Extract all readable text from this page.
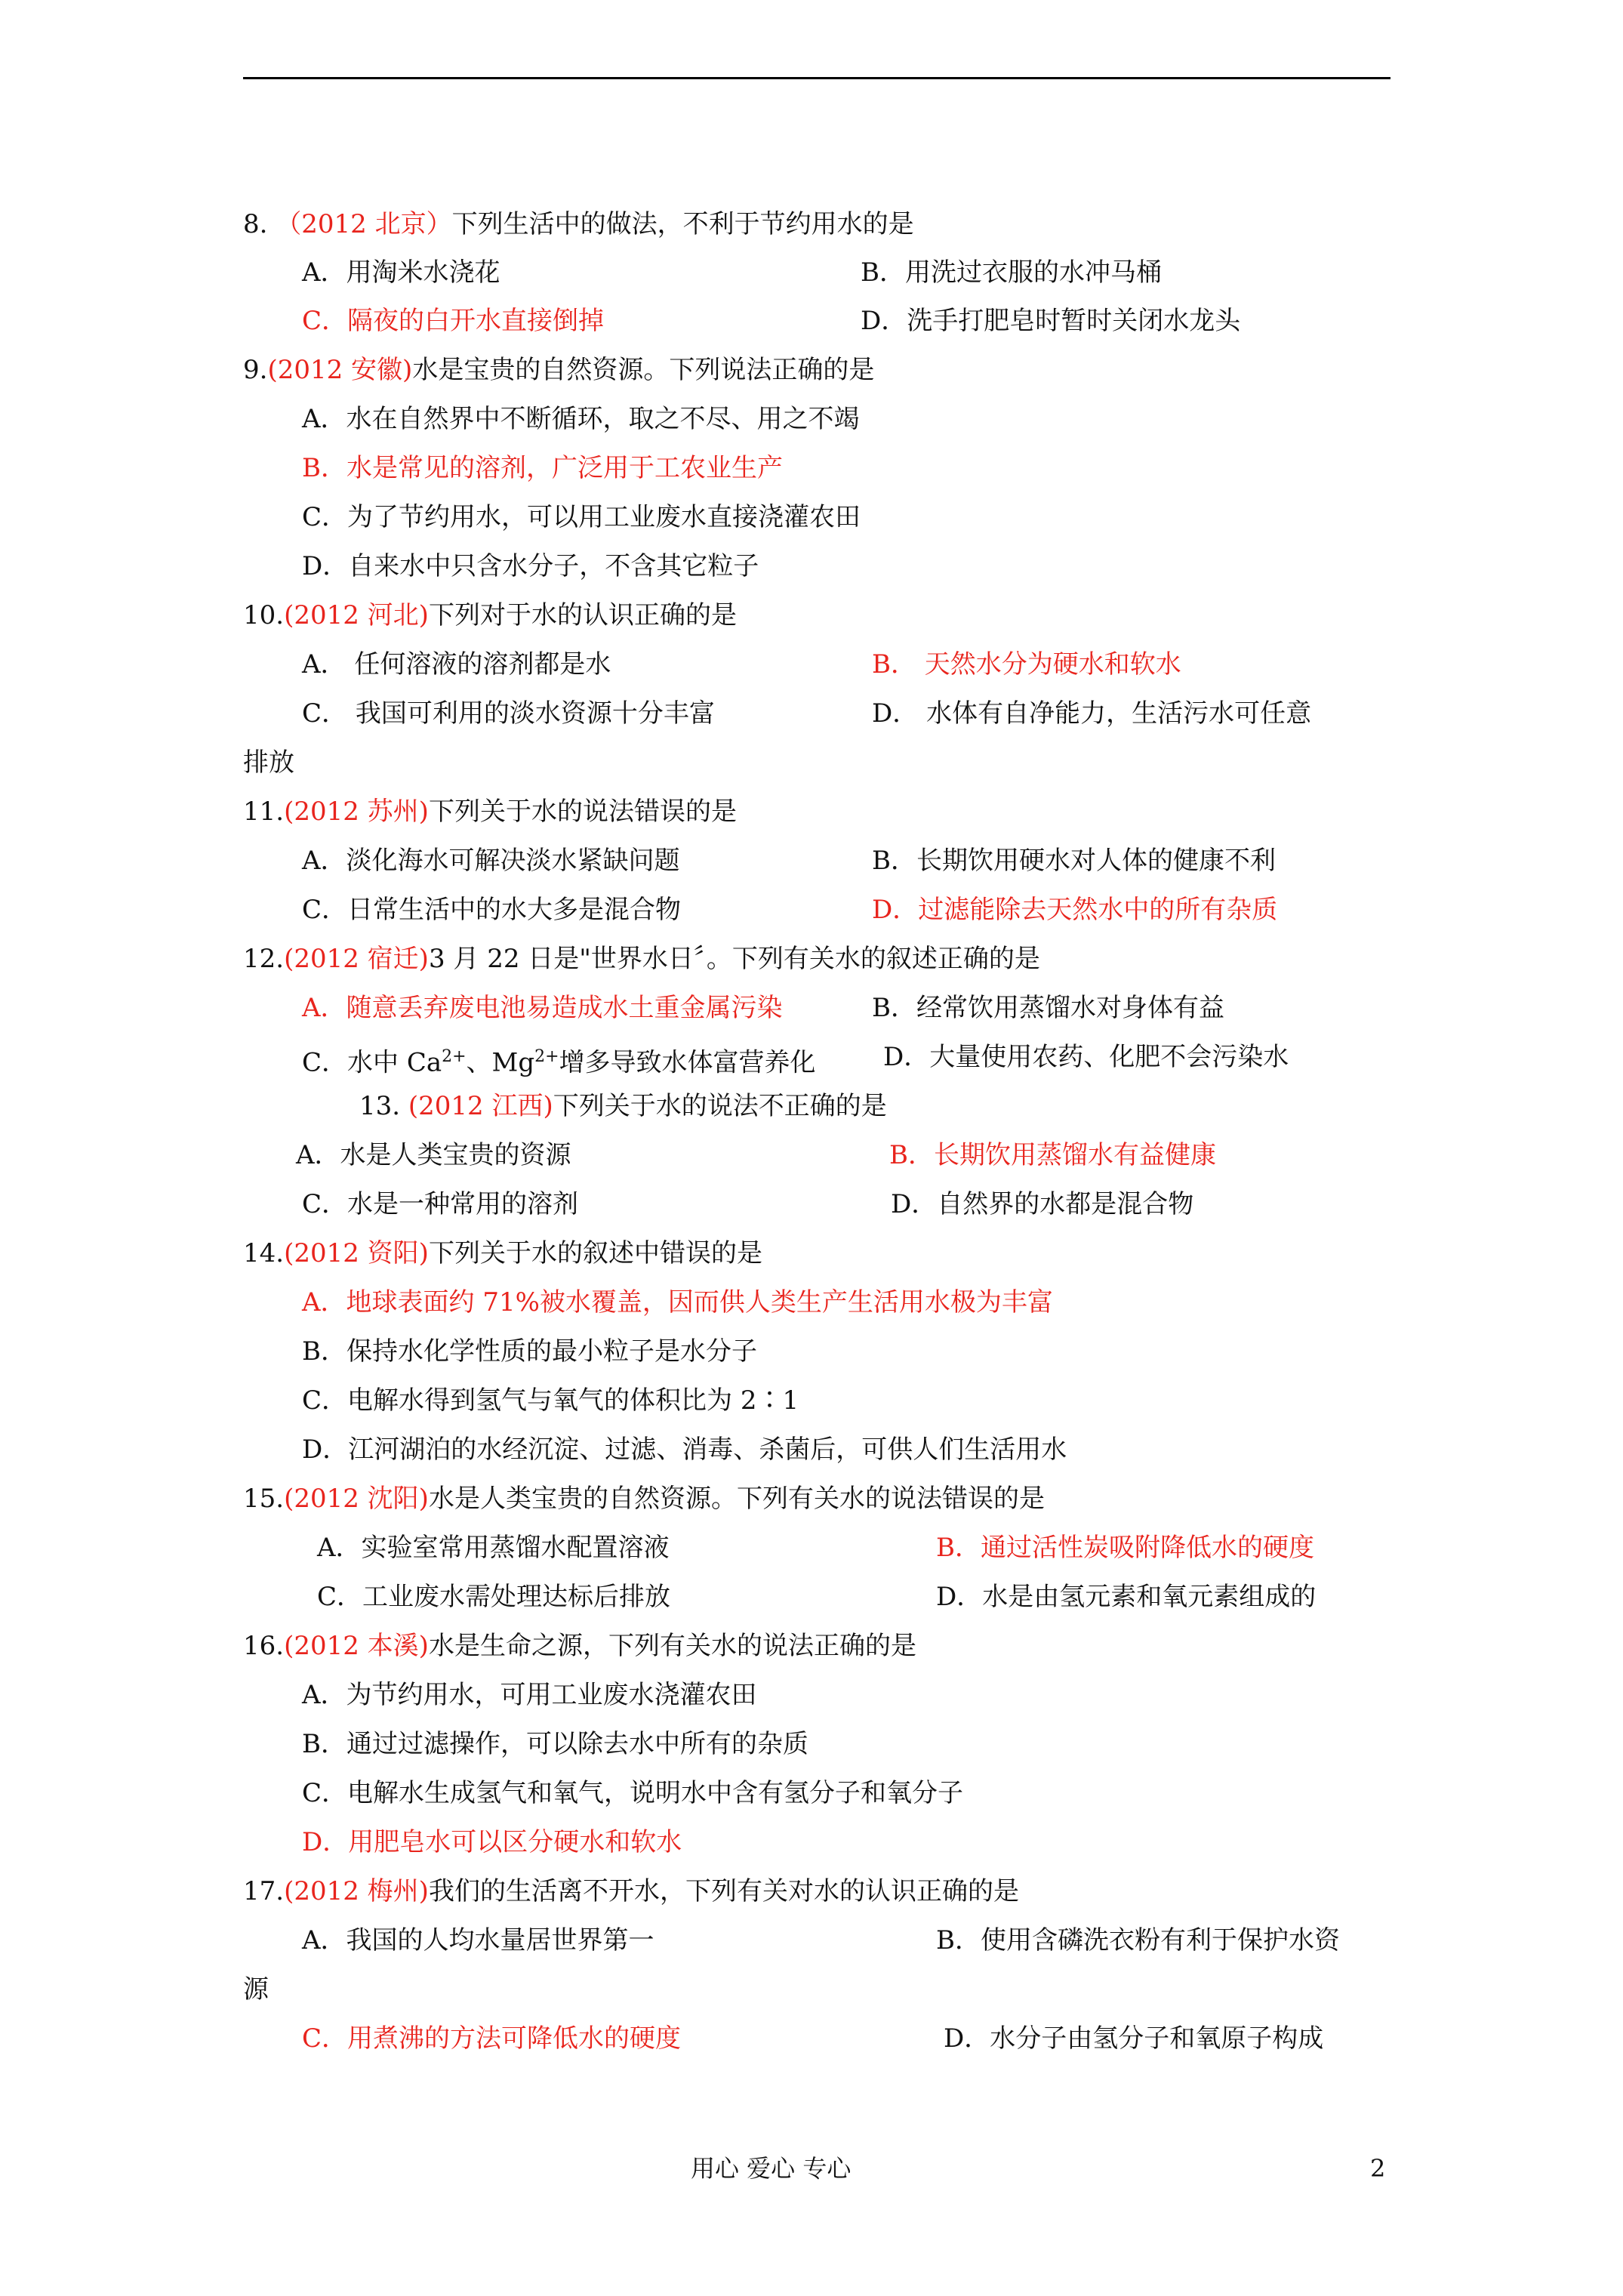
8. （2012 北京）下列生活中的做法，不利于节约用水的是
A．用淘米水浇花	B．用洗过衣服的水冲马桶
C．隔夜的白开水直接倒掉	D．洗手打肥皂时暂时关闭水龙头
9.(2012 安徽)水是宝贵的自然资源。下列说法正确的是
A．水在自然界中不断循环，取之不尽、用之不竭
B．水是常见的溶剂，广泛用于工农业生产
C．为了节约用水，可以用工业废水直接浇灌农田
D．自来水中只含水分子，不含其它粒子
10.(2012 河北)下列对于水的认识正确的是
A． 任何溶液的溶剂都是水	B． 天然水分为硬水和软水
C． 我国可利用的淡水资源十分丰富	D． 水体有自净能力，生活污水可任意
排放
11.(2012 苏州)下列关于水的说法错误的是
A．淡化海水可解决淡水紧缺问题	B．长期饮用硬水对人体的健康不利
C．日常生活中的水大多是混合物	D．过滤能除去天然水中的所有杂质
12.(2012 宿迁)3 月 22 日是"世界水日〞。下列有关水的叙述正确的是
A．随意丢弃废电池易造成水土重金属污染	B．经常饮用蒸馏水对身体有益
C．水中 $Ca^{2+}$、$Mg^{2+}$增多导致水体富营养化	D．大量使用农药、化肥不会污染水
13. (2012 江西)下列关于水的说法不正确的是
A．水是人类宝贵的资源	B．长期饮用蒸馏水有益健康
C．水是一种常用的溶剂	D．自然界的水都是混合物
14.(2012 资阳)下列关于水的叙述中错误的是
A．地球表面约 71%被水覆盖，因而供人类生产生活用水极为丰富
B．保持水化学性质的最小粒子是水分子
C．电解水得到氢气与氧气的体积比为 2∶1
D．江河湖泊的水经沉淀、过滤、消毒、杀菌后，可供人们生活用水
15.(2012 沈阳)水是人类宝贵的自然资源。下列有关水的说法错误的是
A．实验室常用蒸馏水配置溶液	B．通过活性炭吸附降低水的硬度
C．工业废水需处理达标后排放	D．水是由氢元素和氧元素组成的
16.(2012 本溪)水是生命之源，下列有关水的说法正确的是
A．为节约用水，可用工业废水浇灌农田
B．通过过滤操作，可以除去水中所有的杂质
C．电解水生成氢气和氧气，说明水中含有氢分子和氧分子
D．用肥皂水可以区分硬水和软水
17.(2012 梅州)我们的生活离不开水，下列有关对水的认识正确的是
A．我国的人均水量居世界第一	B．使用含磷洗衣粉有利于保护水资
源
C．用煮沸的方法可降低水的硬度	D．水分子由氢分子和氧原子构成
用心 爱心 专心	2
